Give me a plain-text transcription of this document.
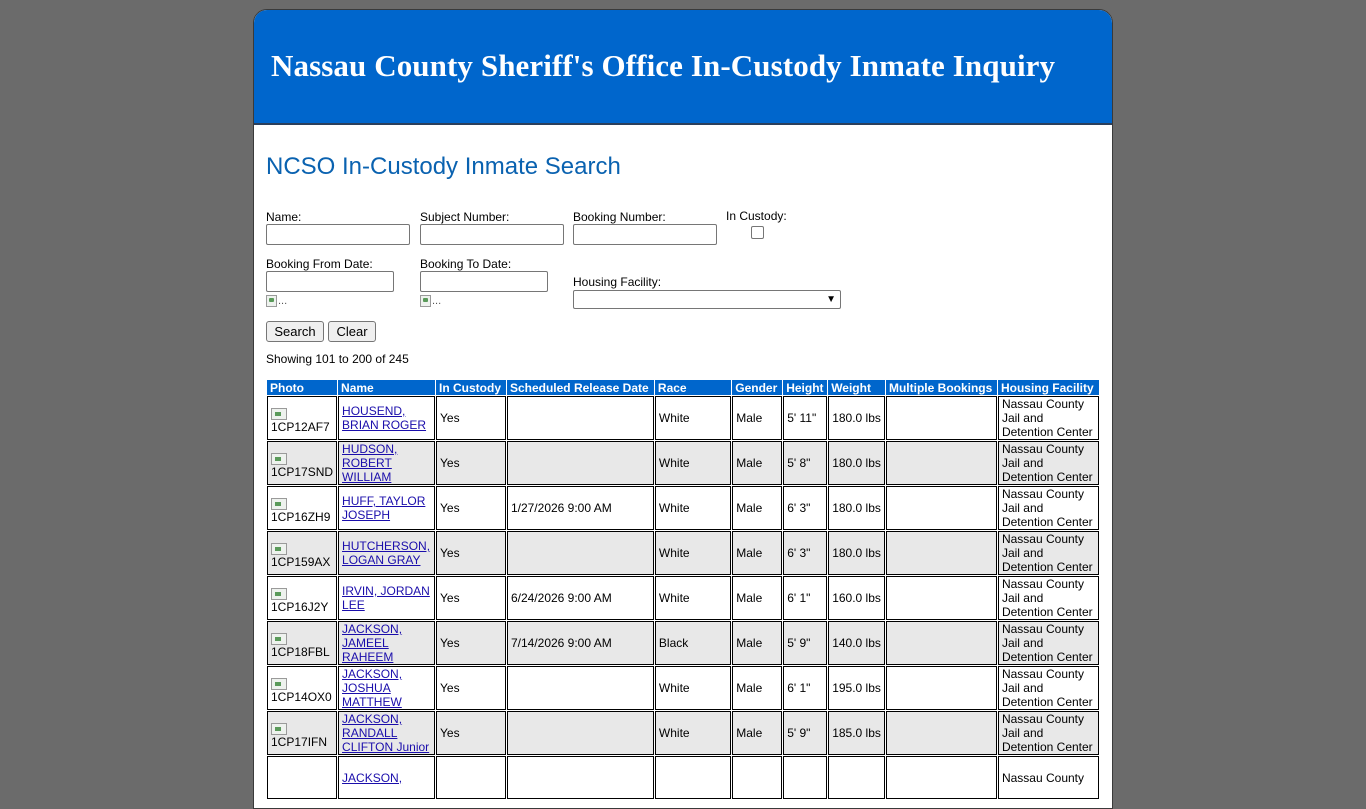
Nassau County Sheriff's Office In-Custody Inmate Inquiry
NCSO In-Custody Inmate Search
Name:	Subject Number:	Booking Number:	In Custody:
Booking From Date:
...
Booking To Date:
...
Housing Facility:
▼
Search	Clear
Showing 101 to 200 of 245
Photo	Name	In Custody	Scheduled Release Date	Race	Gender	Height	Weight	Multiple Bookings	Housing Facility

1CP12AF7	HOUSEND, BRIAN ROGER	Yes		White	Male	5' 11"	180.0 lbs		Nassau County Jail and Detention Center

1CP17SND	HUDSON, ROBERT WILLIAM	Yes		White	Male	5' 8"	180.0 lbs		Nassau County Jail and Detention Center

1CP16ZH9	HUFF, TAYLOR JOSEPH	Yes	1/27/2026 9:00 AM	White	Male	6' 3"	180.0 lbs		Nassau County Jail and Detention Center

1CP159AX	HUTCHERSON, LOGAN GRAY	Yes		White	Male	6' 3"	180.0 lbs		Nassau County Jail and Detention Center

1CP16J2Y	IRVIN, JORDAN LEE	Yes	6/24/2026 9:00 AM	White	Male	6' 1"	160.0 lbs		Nassau County Jail and Detention Center

1CP18FBL	JACKSON, JAMEEL RAHEEM	Yes	7/14/2026 9:00 AM	Black	Male	5' 9"	140.0 lbs		Nassau County Jail and Detention Center

1CP14OX0	JACKSON, JOSHUA MATTHEW	Yes		White	Male	6' 1"	195.0 lbs		Nassau County Jail and Detention Center

1CP17IFN	JACKSON, RANDALL CLIFTON Junior	Yes		White	Male	5' 9"	185.0 lbs		Nassau County Jail and Detention Center
	JACKSON,								Nassau County
